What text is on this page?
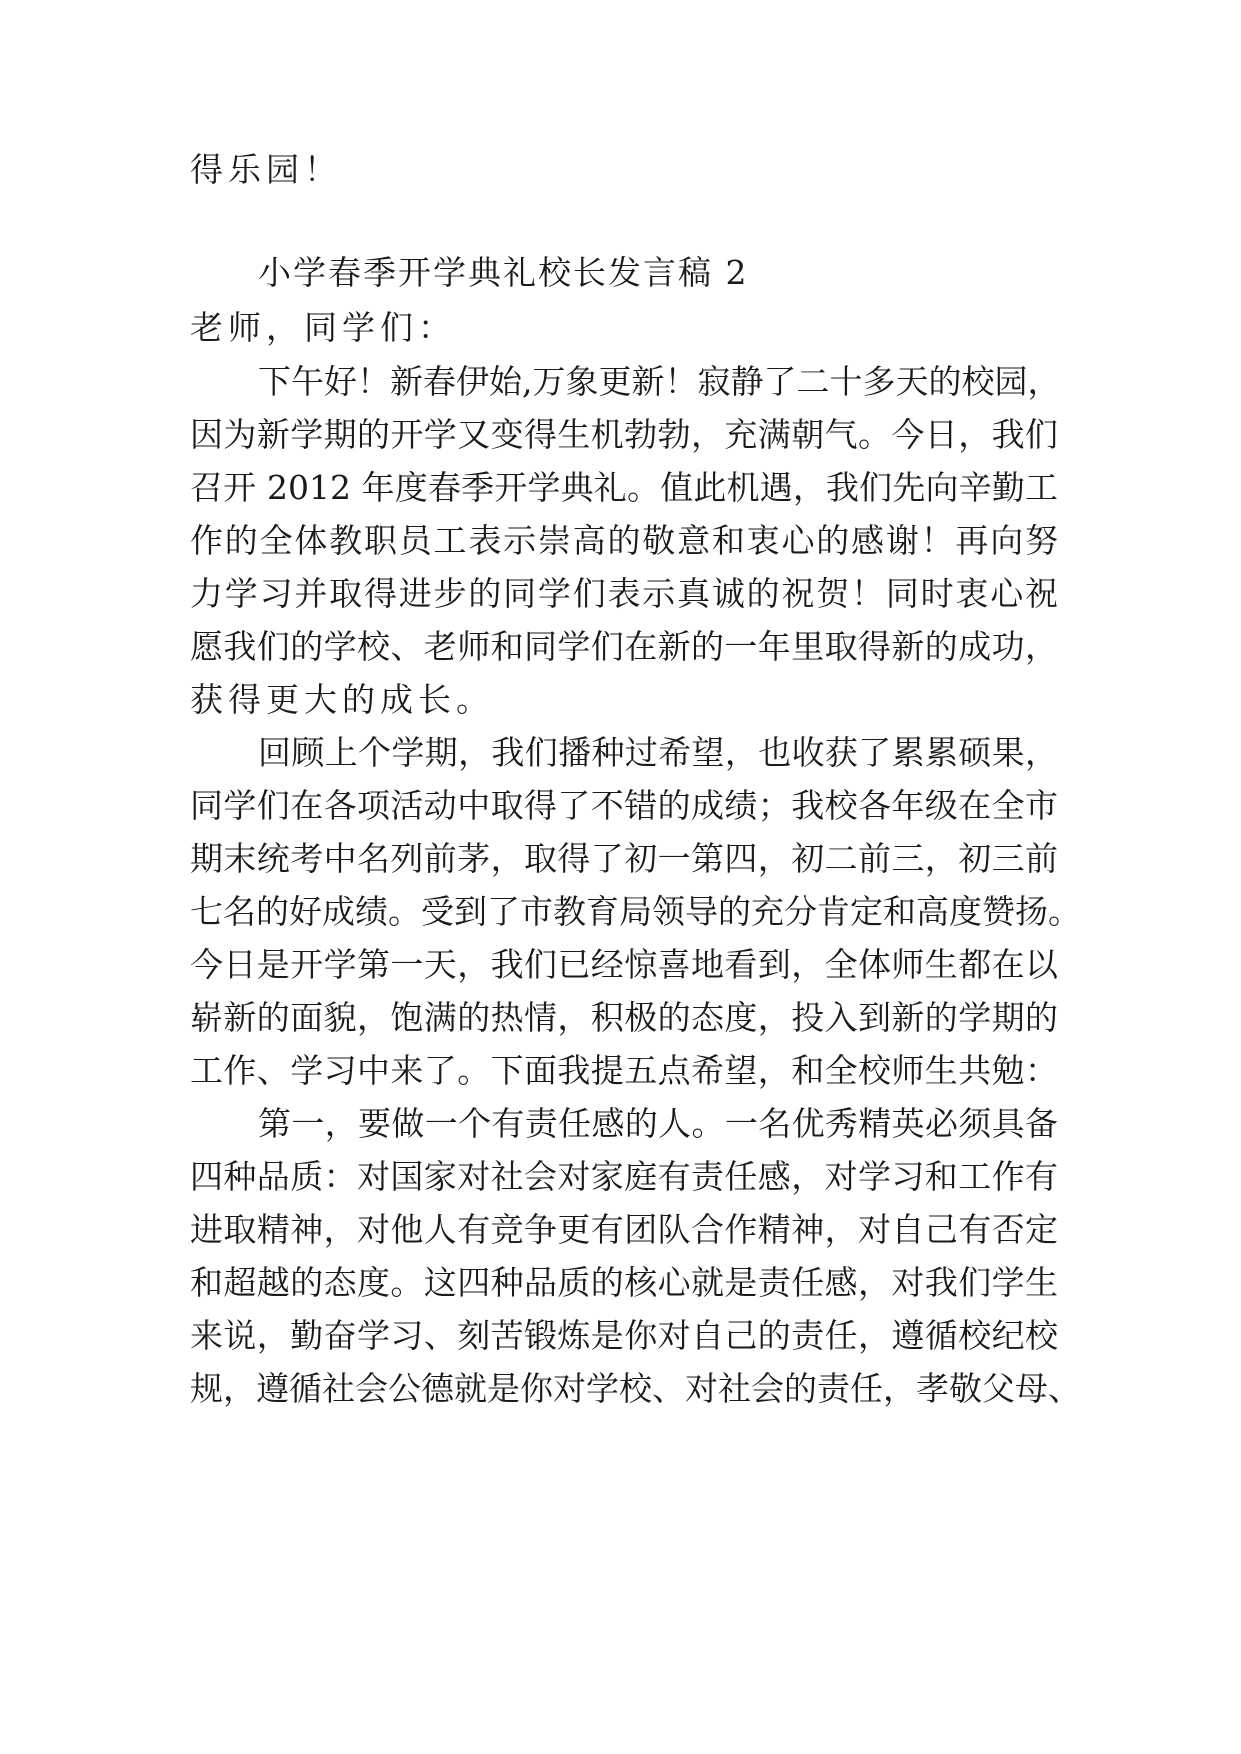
得乐园！
小学春季开学典礼校长发言稿 2
老师，同学们：
下午好！新春伊始,万象更新！寂静了二十多天的校园，
因为新学期的开学又变得生机勃勃，充满朝气。今日，我们
召开 2012 年度春季开学典礼。值此机遇，我们先向辛勤工
作的全体教职员工表示崇高的敬意和衷心的感谢！再向努
力学习并取得进步的同学们表示真诚的祝贺！同时衷心祝
愿我们的学校、老师和同学们在新的一年里取得新的成功，
获得更大的成长。
回顾上个学期，我们播种过希望，也收获了累累硕果，
同学们在各项活动中取得了不错的成绩；我校各年级在全市
期末统考中名列前茅，取得了初一第四，初二前三，初三前
七名的好成绩。受到了市教育局领导的充分肯定和高度赞扬。
今日是开学第一天，我们已经惊喜地看到，全体师生都在以
崭新的面貌，饱满的热情，积极的态度，投入到新的学期的
工作、学习中来了。下面我提五点希望，和全校师生共勉：
第一，要做一个有责任感的人。一名优秀精英必须具备
四种品质：对国家对社会对家庭有责任感，对学习和工作有
进取精神，对他人有竞争更有团队合作精神，对自己有否定
和超越的态度。这四种品质的核心就是责任感，对我们学生
来说，勤奋学习、刻苦锻炼是你对自己的责任，遵循校纪校
规，遵循社会公德就是你对学校、对社会的责任，孝敬父母、
